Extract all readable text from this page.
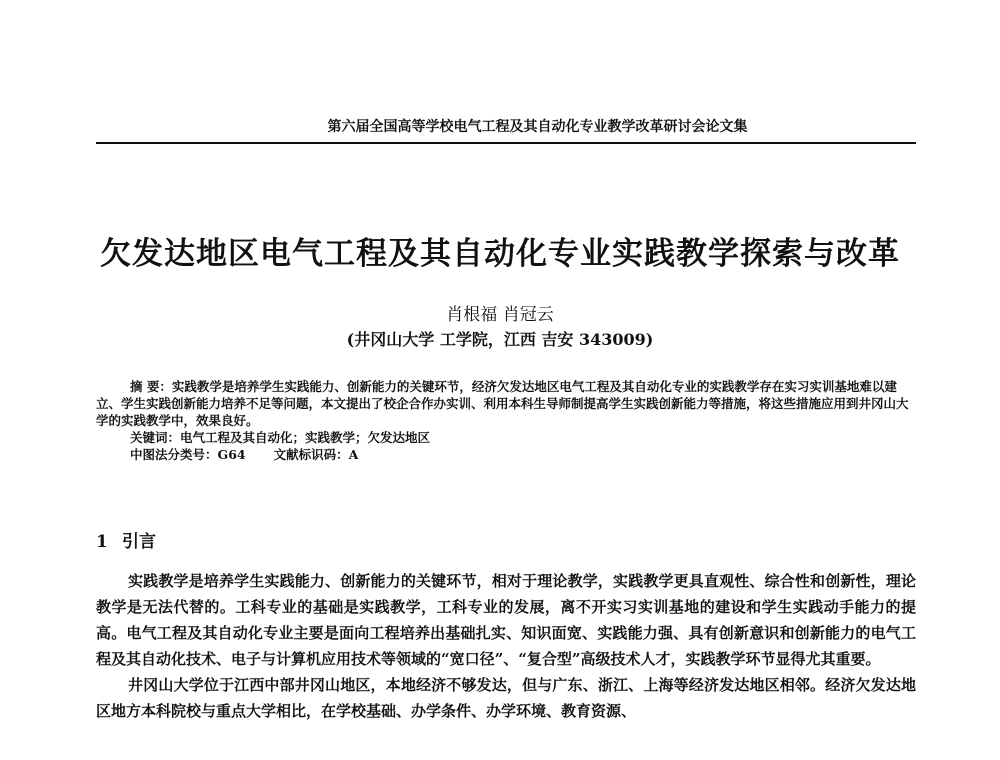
第六届全国高等学校电气工程及其自动化专业教学改革研讨会论文集
欠发达地区电气工程及其自动化专业实践教学探索与改革
肖根福 肖冠云
(井冈山大学 工学院，江西 吉安 343009)

摘 要：实践教学是培养学生实践能力、创新能力的关键环节，经济欠发达地区电气工程及其自动化专业的实践教学存在实习实训基地难以建立、学生实践创新能力培养不足等问题，本文提出了校企合作办实训、利用本科生导师制提高学生实践创新能力等措施，将这些措施应用到井冈山大学的实践教学中，效果良好。

关键词：电气工程及其自动化；实践教学；欠发达地区

中图法分类号：G64 文献标识码：A

1 引言

实践教学是培养学生实践能力、创新能力的关键环节，相对于理论教学，实践教学更具直观性、综合性和创新性，理论教学是无法代替的。工科专业的基础是实践教学，工科专业的发展，离不开实习实训基地的建设和学生实践动手能力的提高。电气工程及其自动化专业主要是面向工程培养出基础扎实、知识面宽、实践能力强、具有创新意识和创新能力的电气工程及其自动化技术、电子与计算机应用技术等领域的“宽口径”、“复合型”高级技术人才，实践教学环节显得尤其重要。

井冈山大学位于江西中部井冈山地区，本地经济不够发达，但与广东、浙江、上海等经济发达地区相邻。经济欠发达地区地方本科院校与重点大学相比，在学校基础、办学条件、办学环境、教育资源、
